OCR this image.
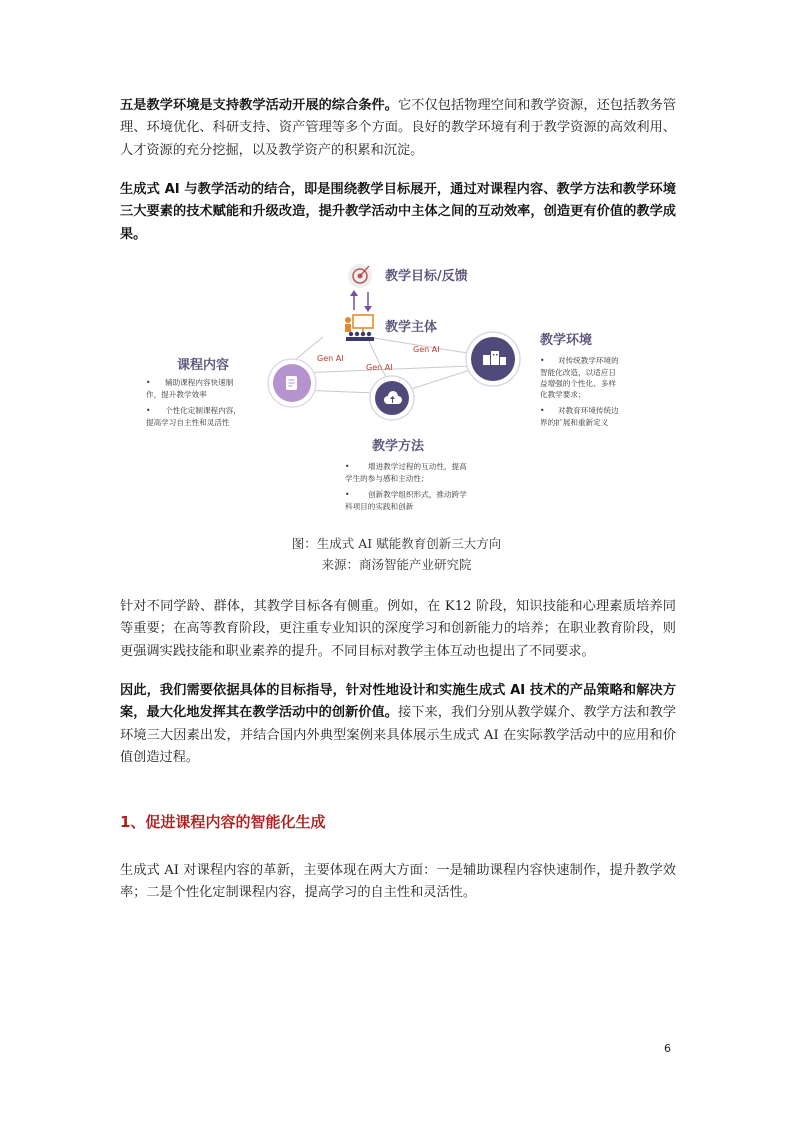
五是教学环境是支持教学活动开展的综合条件。它不仅包括物理空间和教学资源，还包括教务管理、环境优化、科研支持、资产管理等多个方面。良好的教学环境有利于教学资源的高效利用、人才资源的充分挖掘，以及教学资产的积累和沉淀。

生成式 AI 与教学活动的结合，即是围绕教学目标展开，通过对课程内容、教学方法和教学环境三大要素的技术赋能和升级改造，提升教学活动中主体之间的互动效率，创造更有价值的教学成果。

教学目标/反馈
教学主体
Gen AI
Gen AI
Gen AI
课程内容
• 辅助课程内容快速制
作，提升教学效率
• 个性化定制课程内容，
提高学习自主性和灵活性
教学环境
• 对传统教学环境的
智能化改造，以适应日
益增强的个性化、多样
化教学要求；
• 对教育环境传统边
界的扩展和重新定义
教学方法
• 增进教学过程的互动性，提高
学生的参与感和主动性；
• 创新教学组织形式，推动跨学
科项目的实践和创新
图：生成式 AI 赋能教育创新三大方向
来源：商汤智能产业研究院

针对不同学龄、群体，其教学目标各有侧重。例如，在 K12 阶段，知识技能和心理素质培养同等重要；在高等教育阶段，更注重专业知识的深度学习和创新能力的培养；在职业教育阶段，则更强调实践技能和职业素养的提升。不同目标对教学主体互动也提出了不同要求。

因此，我们需要依据具体的目标指导，针对性地设计和实施生成式 AI 技术的产品策略和解决方案，最大化地发挥其在教学活动中的创新价值。接下来，我们分别从教学媒介、教学方法和教学环境三大因素出发，并结合国内外典型案例来具体展示生成式 AI 在实际教学活动中的应用和价值创造过程。

1、促进课程内容的智能化生成

生成式 AI 对课程内容的革新，主要体现在两大方面：一是辅助课程内容快速制作，提升教学效率；二是个性化定制课程内容，提高学习的自主性和灵活性。

6
